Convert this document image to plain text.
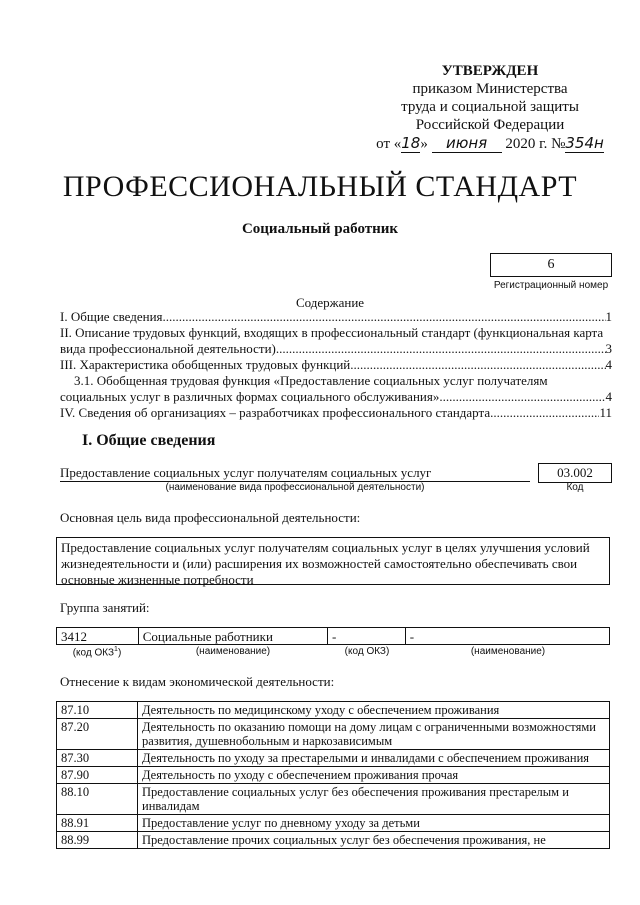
УТВЕРЖДЕН
приказом Министерства
труда и социальной защиты
Российской Федерации
от «18» июня 2020 г. №354н
ПРОФЕССИОНАЛЬНЫЙ СТАНДАРТ
Социальный работник
6
Регистрационный номер
Содержание
I. Общие сведения .....	1
II. Описание трудовых функций, входящих в профессиональный стандарт (функциональная карта
вида профессиональной деятельности) .....	3
III. Характеристика обобщенных трудовых функций .....	4
3.1. Обобщенная трудовая функция «Предоставление социальных услуг получателям
социальных услуг в различных формах социального обслуживания» .....	4
IV. Сведения об организациях – разработчиках профессионального стандарта .....	11
I. Общие сведения
Предоставление социальных услуг получателям социальных услуг
(наименование вида профессиональной деятельности)
03.002
Код
Основная цель вида профессиональной деятельности:
Предоставление социальных услуг получателям социальных услуг в целях улучшения условий жизнедеятельности и (или) расширения их возможностей самостоятельно обеспечивать свои основные жизненные потребности
Группа занятий:
3412	Социальные работники	-	-
(код ОКЗ$^1$)	(наименование)	(код ОКЗ)	(наименование)
Отнесение к видам экономической деятельности:
87.10	Деятельность по медицинскому уходу с обеспечением проживания
87.20	Деятельность по оказанию помощи на дому лицам с ограниченными возможностями развития, душевнобольным и наркозависимым
87.30	Деятельность по уходу за престарелыми и инвалидами с обеспечением проживания
87.90	Деятельность по уходу с обеспечением проживания прочая
88.10	Предоставление социальных услуг без обеспечения проживания престарелым и инвалидам
88.91	Предоставление услуг по дневному уходу за детьми
88.99	Предоставление прочих социальных услуг без обеспечения проживания, не
